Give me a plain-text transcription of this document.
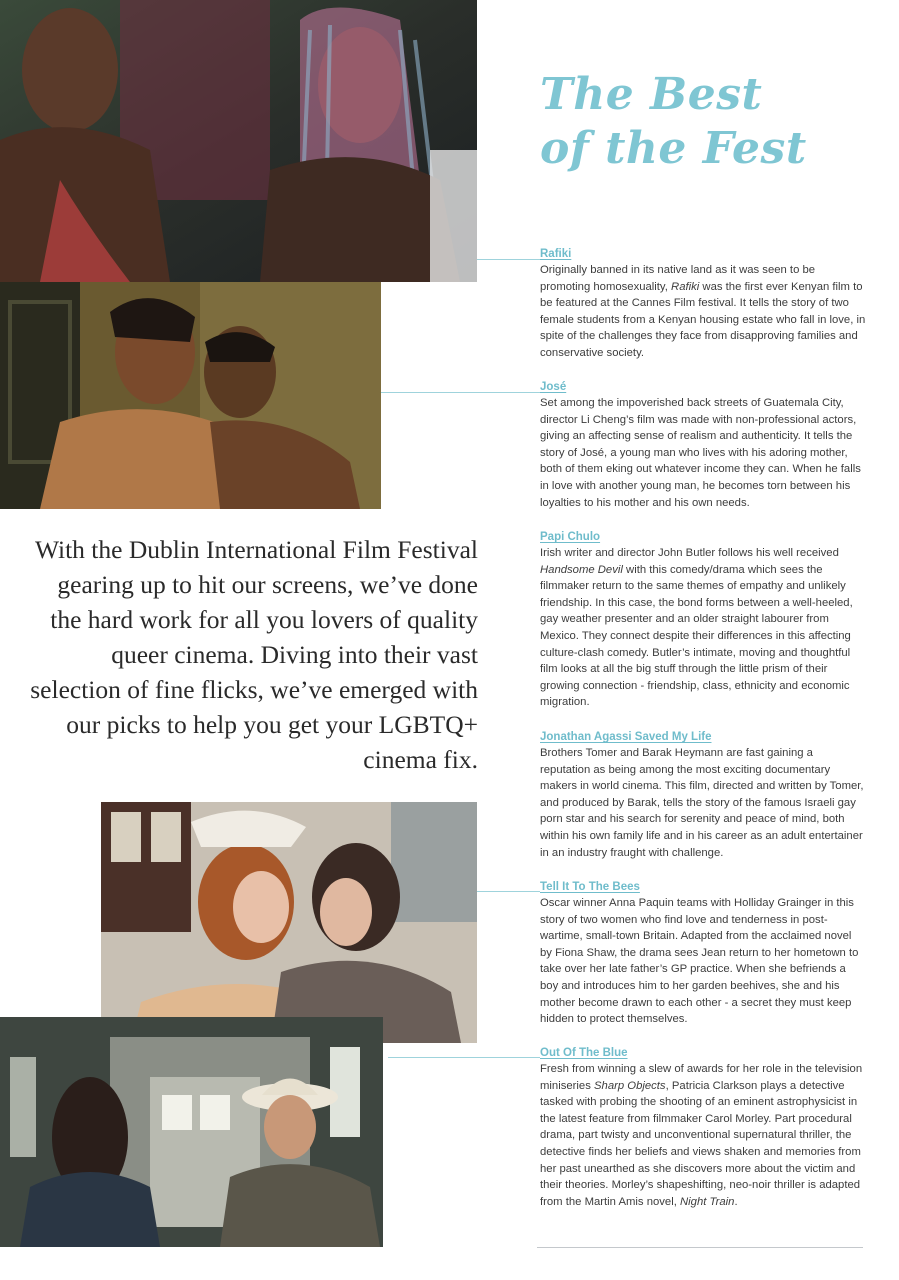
The Best
of the Fest

With the Dublin International Film Festival gearing up to hit our screens, we’ve done the hard work for all you lovers of quality queer cinema. Diving into their vast selection of fine flicks, we’ve emerged with our picks to help you get your LGBTQ+ cinema fix.

Rafiki

Originally banned in its native land as it was seen to be promoting homosexuality, Rafiki was the first ever Kenyan film to be featured at the Cannes Film festival. It tells the story of two female students from a Kenyan housing estate who fall in love, in spite of the challenges they face from disapproving families and conservative society.

José

Set among the impoverished back streets of Guatemala City, director Li Cheng’s film was made with non-professional actors, giving an affecting sense of realism and authenticity. It tells the story of José, a young man who lives with his adoring mother, both of them eking out whatever income they can. When he falls in love with another young man, he becomes torn between his loyalties to his mother and his own needs.

Papi Chulo

Irish writer and director John Butler follows his well received Handsome Devil with this comedy/drama which sees the filmmaker return to the same themes of empathy and unlikely friendship. In this case, the bond forms between a well-heeled, gay weather presenter and an older straight labourer from Mexico. They connect despite their differences in this affecting culture-clash comedy. Butler’s intimate, moving and thoughtful film looks at all the big stuff through the little prism of their growing connection - friendship, class, ethnicity and economic migration.

Jonathan Agassi Saved My Life

Brothers Tomer and Barak Heymann are fast gaining a reputation as being among the most exciting documentary makers in world cinema. This film, directed and written by Tomer, and produced by Barak, tells the story of the famous Israeli gay porn star and his search for serenity and peace of mind, both within his own family life and in his career as an adult entertainer in an industry fraught with challenge.

Tell It To The Bees

Oscar winner Anna Paquin teams with Holliday Grainger in this story of two women who find love and tenderness in post-wartime, small-town Britain. Adapted from the acclaimed novel by Fiona Shaw, the drama sees Jean return to her hometown to take over her late father’s GP practice. When she befriends a boy and introduces him to her garden beehives, she and his mother become drawn to each other - a secret they must keep hidden to protect themselves.

Out Of The Blue

Fresh from winning a slew of awards for her role in the television miniseries Sharp Objects, Patricia Clarkson plays a detective tasked with probing the shooting of an eminent astrophysicist in the latest feature from filmmaker Carol Morley. Part procedural drama, part twisty and unconventional supernatural thriller, the detective finds her beliefs and views shaken and memories from her past unearthed as she discovers more about the victim and their theories. Morley’s shapeshifting, neo-noir thriller is adapted from the Martin Amis novel, Night Train.
